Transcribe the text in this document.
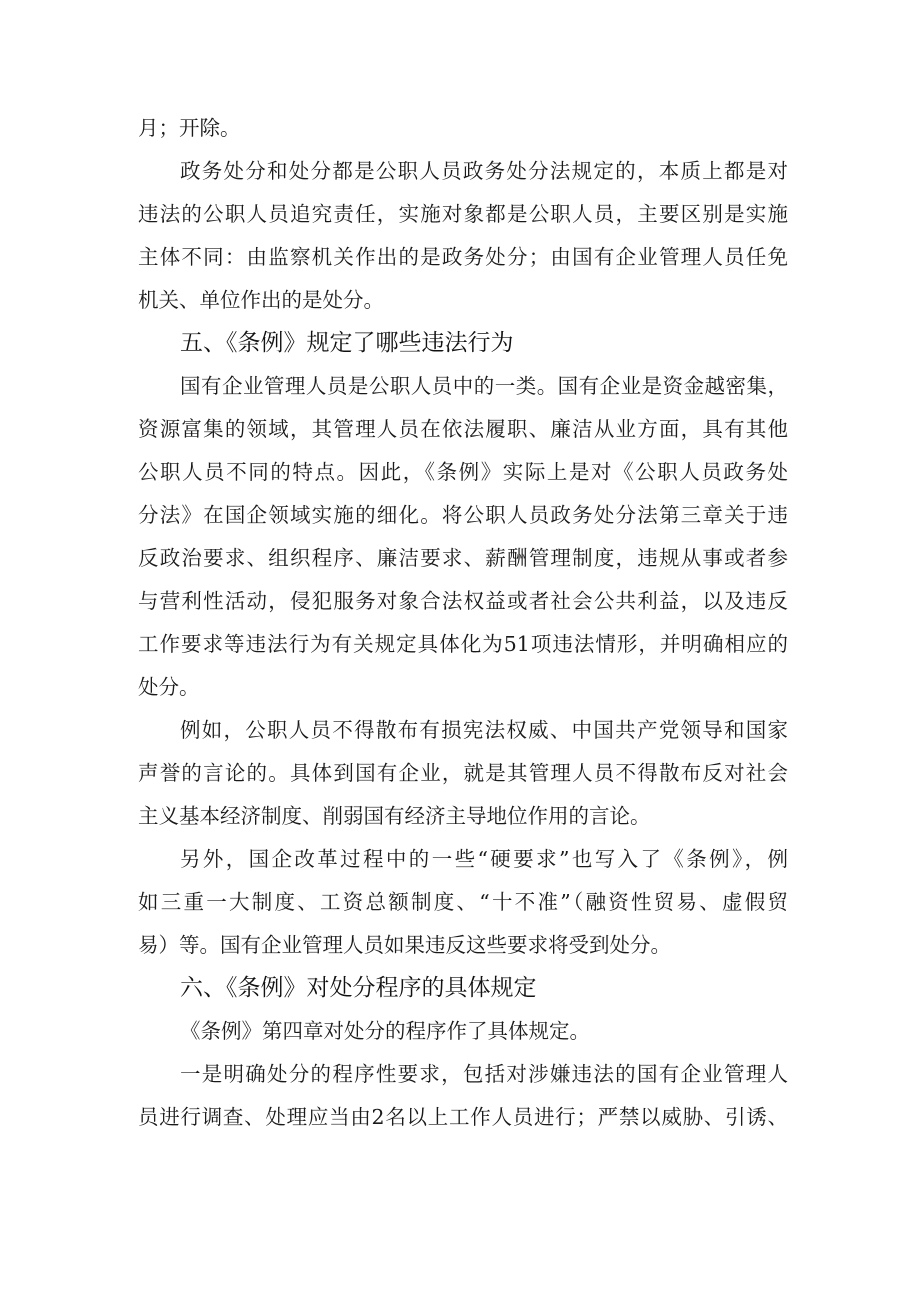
月；开除。
政务处分和处分都是公职人员政务处分法规定的，本质上都是对
违法的公职人员追究责任，实施对象都是公职人员，主要区别是实施
主体不同：由监察机关作出的是政务处分；由国有企业管理人员任免
机关、单位作出的是处分。
五、《条例》规定了哪些违法行为
国有企业管理人员是公职人员中的一类。国有企业是资金越密集，
资源富集的领域，其管理人员在依法履职、廉洁从业方面，具有其他
公职人员不同的特点。因此，《条例》实际上是对《公职人员政务处
分法》在国企领域实施的细化。将公职人员政务处分法第三章关于违
反政治要求、组织程序、廉洁要求、薪酬管理制度，违规从事或者参
与营利性活动，侵犯服务对象合法权益或者社会公共利益，以及违反
工作要求等违法行为有关规定具体化为51项违法情形，并明确相应的
处分。
例如，公职人员不得散布有损宪法权威、中国共产党领导和国家
声誉的言论的。具体到国有企业，就是其管理人员不得散布反对社会
主义基本经济制度、削弱国有经济主导地位作用的言论。
另外，国企改革过程中的一些“硬要求”也写入了《条例》，例
如三重一大制度、工资总额制度、“十不准”（融资性贸易、虚假贸
易）等。国有企业管理人员如果违反这些要求将受到处分。
六、《条例》对处分程序的具体规定
《条例》第四章对处分的程序作了具体规定。
一是明确处分的程序性要求，包括对涉嫌违法的国有企业管理人
员进行调查、处理应当由2名以上工作人员进行；严禁以威胁、引诱、
